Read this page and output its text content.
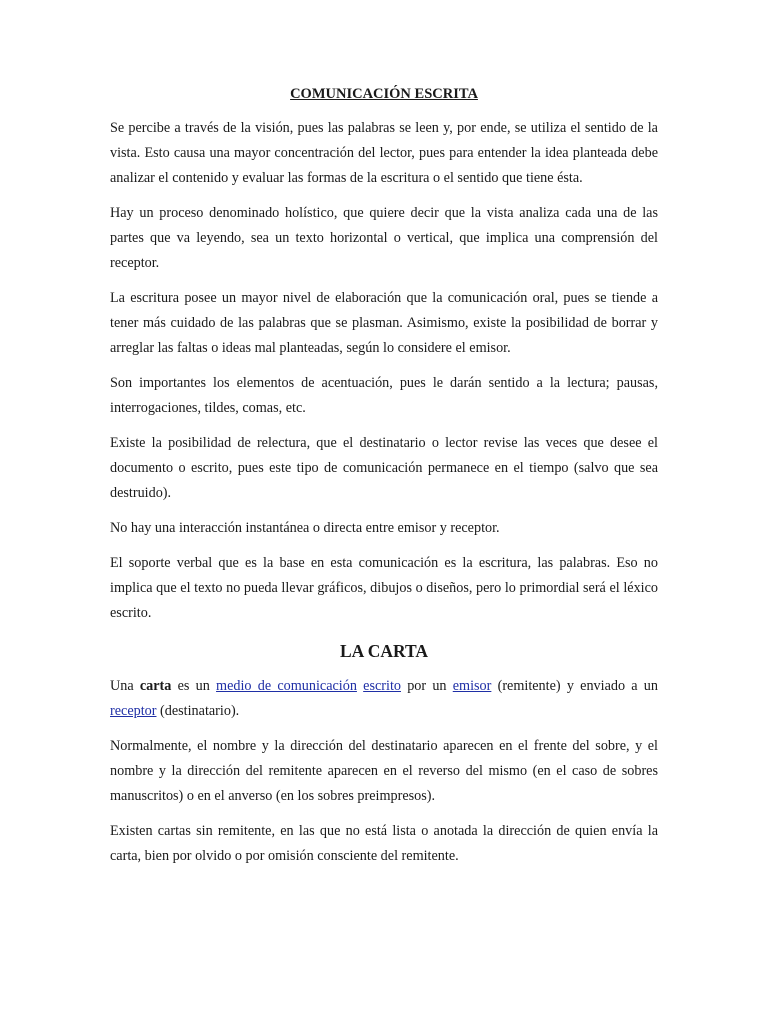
COMUNICACIÓN ESCRITA

Se percibe a través de la visión, pues las palabras se leen y, por ende, se utiliza el sentido de la vista. Esto causa una mayor concentración del lector, pues para entender la idea planteada debe analizar el contenido y evaluar las formas de la escritura o el sentido que tiene ésta.

Hay un proceso denominado holístico, que quiere decir que la vista analiza cada una de las partes que va leyendo, sea un texto horizontal o vertical, que implica una comprensión del receptor.

La escritura posee un mayor nivel de elaboración que la comunicación oral, pues se tiende a tener más cuidado de las palabras que se plasman. Asimismo, existe la posibilidad de borrar y arreglar las faltas o ideas mal planteadas, según lo considere el emisor.

Son importantes los elementos de acentuación, pues le darán sentido a la lectura; pausas, interrogaciones, tildes, comas, etc.

Existe la posibilidad de relectura, que el destinatario o lector revise las veces que desee el documento o escrito, pues este tipo de comunicación permanece en el tiempo (salvo que sea destruido).

No hay una interacción instantánea o directa entre emisor y receptor.

El soporte verbal que es la base en esta comunicación es la escritura, las palabras. Eso no implica que el texto no pueda llevar gráficos, dibujos o diseños, pero lo primordial será el léxico escrito.

LA CARTA

Una carta es un medio de comunicación escrito por un emisor (remitente) y enviado a un receptor (destinatario).

Normalmente, el nombre y la dirección del destinatario aparecen en el frente del sobre, y el nombre y la dirección del remitente aparecen en el reverso del mismo (en el caso de sobres manuscritos) o en el anverso (en los sobres preimpresos).

Existen cartas sin remitente, en las que no está lista o anotada la dirección de quien envía la carta, bien por olvido o por omisión consciente del remitente.
